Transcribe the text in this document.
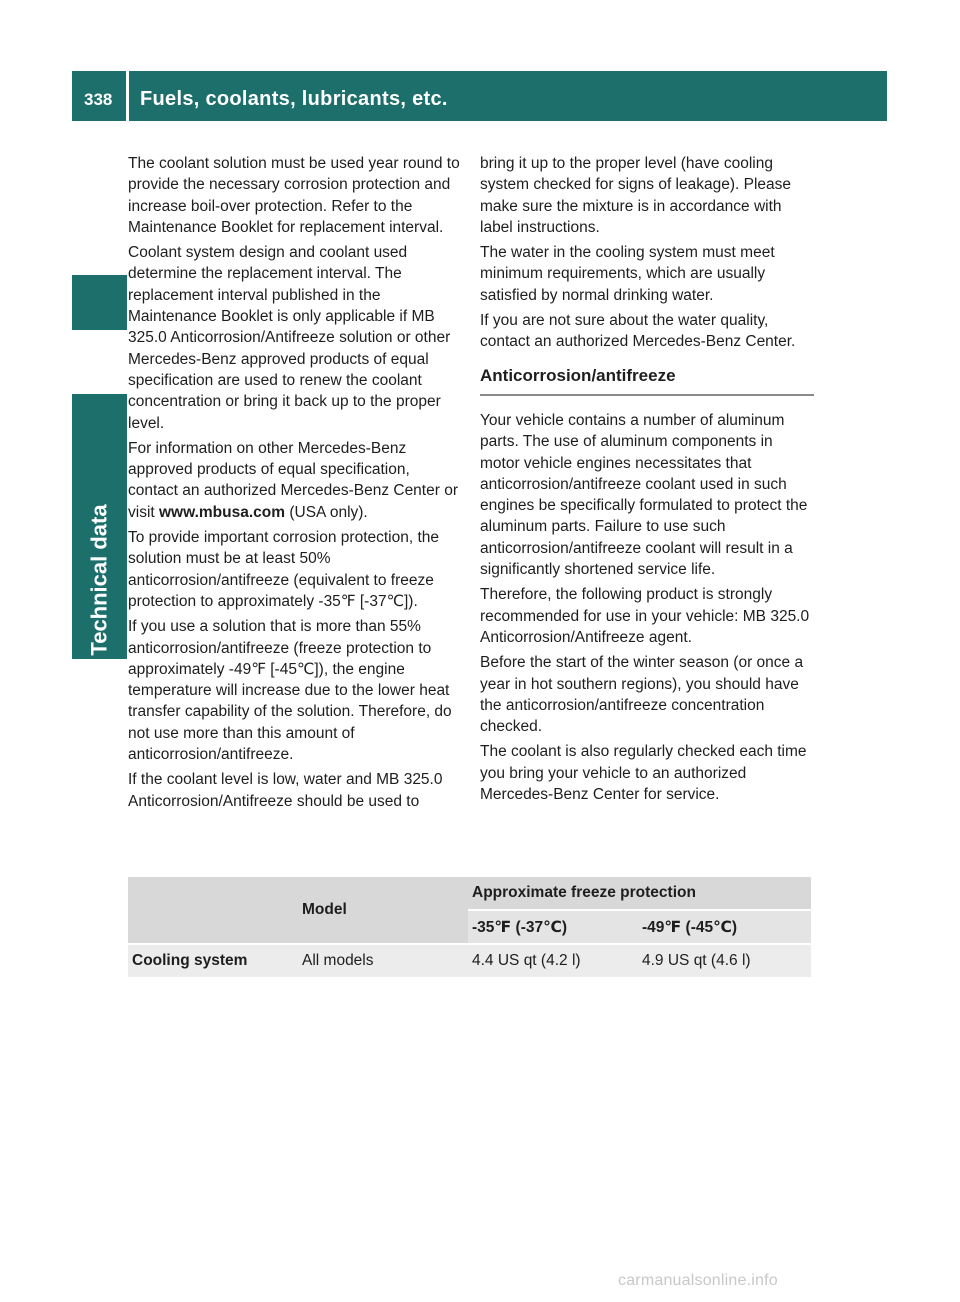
338 Fuels, coolants, lubricants, etc.
Technical data

The coolant solution must be used year round to provide the necessary corrosion protection and increase boil-over protection. Refer to the Maintenance Booklet for replacement interval.

Coolant system design and coolant used determine the replacement interval. The replacement interval published in the Maintenance Booklet is only applicable if MB 325.0 Anticorrosion/Antifreeze solution or other Mercedes-Benz approved products of equal specification are used to renew the coolant concentration or bring it back up to the proper level.

For information on other Mercedes-Benz approved products of equal specification, contact an authorized Mercedes-Benz Center or visit www.mbusa.com (USA only).

To provide important corrosion protection, the solution must be at least 50% anticorrosion/antifreeze (equivalent to freeze protection to approximately -35℉ [-37℃]).

If you use a solution that is more than 55% anticorrosion/antifreeze (freeze protection to approximately -49℉ [-45℃]), the engine temperature will increase due to the lower heat transfer capability of the solution. Therefore, do not use more than this amount of anticorrosion/antifreeze.

If the coolant level is low, water and MB 325.0 Anticorrosion/Antifreeze should be used to

bring it up to the proper level (have cooling system checked for signs of leakage). Please make sure the mixture is in accordance with label instructions.

The water in the cooling system must meet minimum requirements, which are usually satisfied by normal drinking water.

If you are not sure about the water quality, contact an authorized Mercedes-Benz Center.

Anticorrosion/antifreeze

Your vehicle contains a number of aluminum parts. The use of aluminum components in motor vehicle engines necessitates that anticorrosion/antifreeze coolant used in such engines be specifically formulated to protect the aluminum parts. Failure to use such anticorrosion/antifreeze coolant will result in a significantly shortened service life.

Therefore, the following product is strongly recommended for use in your vehicle: MB 325.0 Anticorrosion/Antifreeze agent.

Before the start of the winter season (or once a year in hot southern regions), you should have the anticorrosion/antifreeze concentration checked.

The coolant is also regularly checked each time you bring your vehicle to an authorized Mercedes-Benz Center for service.

	Model	Approximate freeze protection	
		-35℉ (-37℃)	-49℉ (-45℃)
Cooling system	All models	4.4 US qt (4.2 l)	4.9 US qt (4.6 l)
carmanualsonline.info
